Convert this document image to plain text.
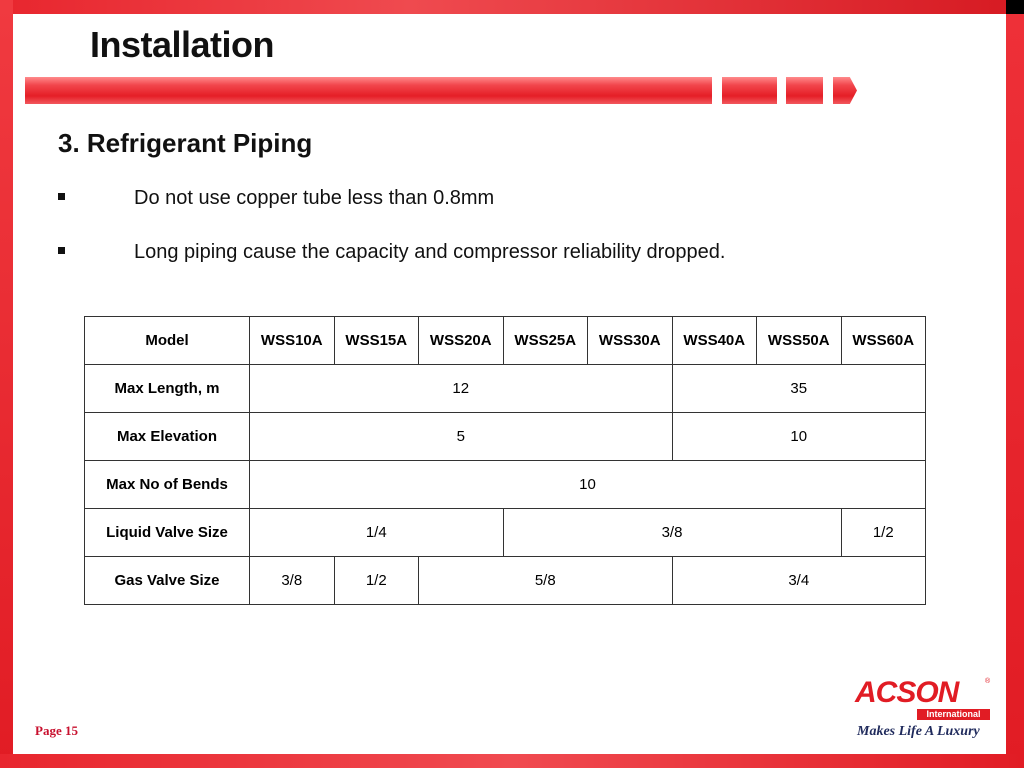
Installation
3. Refrigerant Piping
Do not use copper tube less than 0.8mm
Long piping cause the capacity and compressor reliability dropped.
Model	WSS10A	WSS15A	WSS20A	WSS25A	WSS30A	WSS40A	WSS50A	WSS60A
Max Length, m	12					35		
Max Elevation	5					10		
Max No of Bends	10							
Liquid Valve Size	1/4			3/8				1/2
Gas Valve Size	3/8	1/2	5/8			3/4		

Page 15

ACSON	®
International
Makes Life A Luxury
